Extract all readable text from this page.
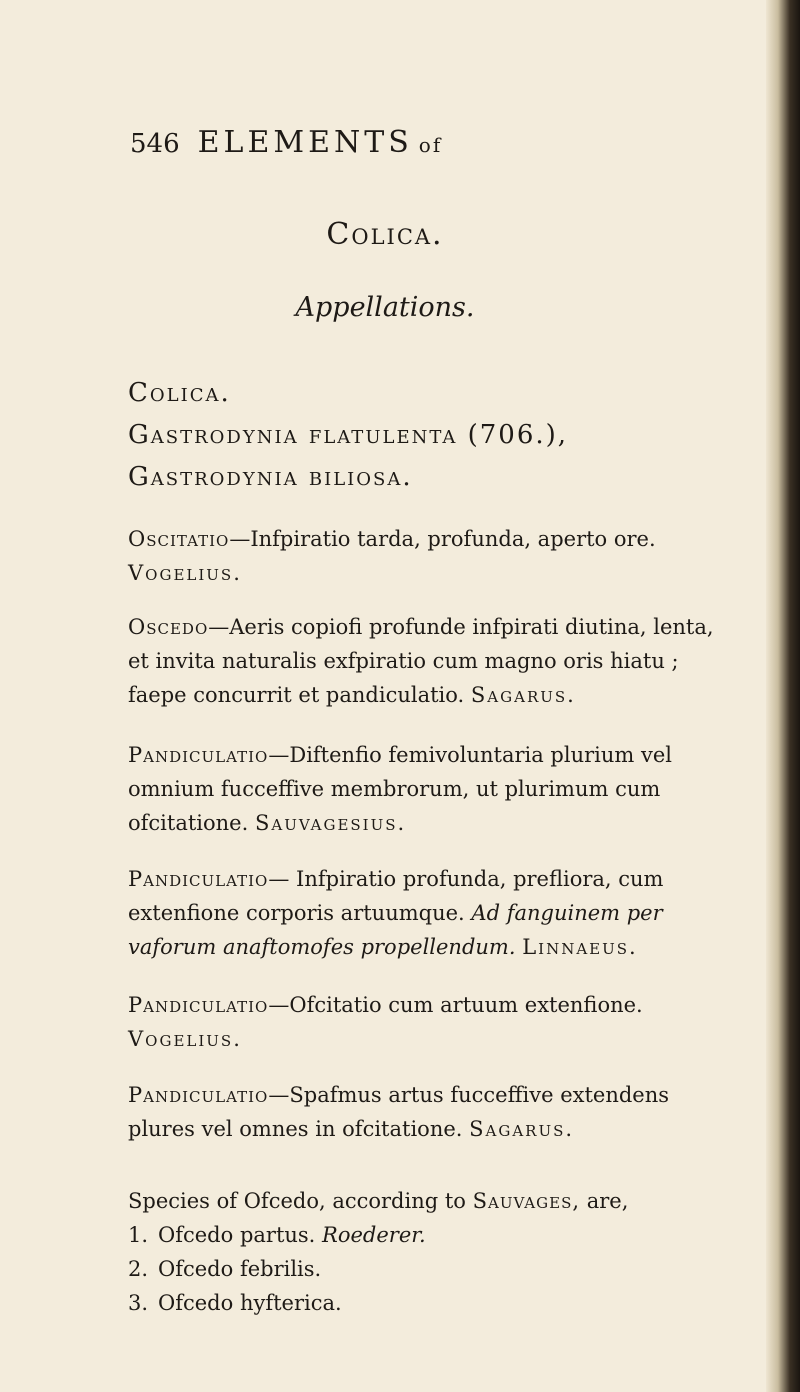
546 ELEMENTS of
Colica.
Appellations.
Colica.
Gastrodynia flatulenta (706.),
Gastrodynia biliosa.
Oscitatio—Infpiratio tarda, profunda, aperto ore. Vogelius.
Oscedo—Aeris copiofi profunde infpirati diutina, lenta, et invita naturalis exfpiratio cum magno oris hiatu ; faepe concurrit et pandiculatio. Sagarus.
Pandiculatio—Diftenfio femivoluntaria plurium vel omnium fucceffive membrorum, ut plurimum cum ofcitatione. Sauvagesius.
Pandiculatio— Infpiratio profunda, prefliora, cum extenfione corporis artuumque. Ad fanguinem per vaforum anaftomofes propellendum. Linnaeus.
Pandiculatio—Ofcitatio cum artuum extenfione. Vogelius.
Pandiculatio—Spafmus artus fucceffive extendens plures vel omnes in ofcitatione. Sagarus.
Species of Ofcedo, according to Sauvages, are,
1. Ofcedo partus. Roederer.
2. Ofcedo febrilis.
3. Ofcedo hyfterica.
